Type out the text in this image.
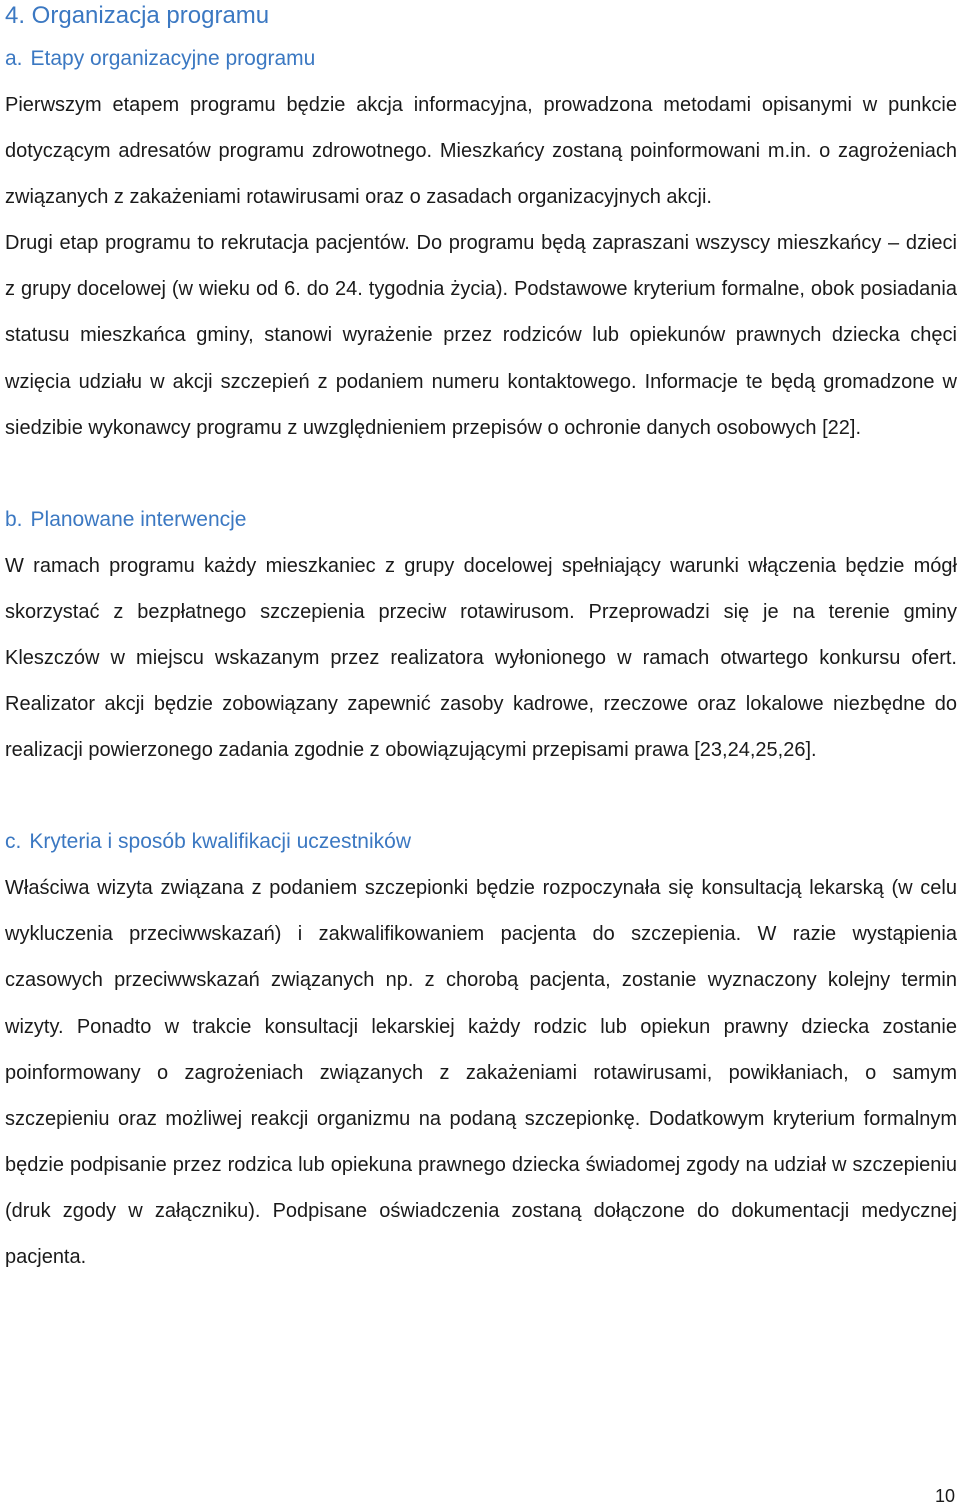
4. Organizacja programu
a. Etapy organizacyjne programu

Pierwszym etapem programu będzie akcja informacyjna, prowadzona metodami opisanymi w punkcie dotyczącym adresatów programu zdrowotnego. Mieszkańcy zostaną poinformowani m.in. o zagrożeniach związanych z zakażeniami rotawirusami oraz o zasadach organizacyjnych akcji.

Drugi etap programu to rekrutacja pacjentów. Do programu będą zapraszani wszyscy mieszkańcy – dzieci z grupy docelowej (w wieku od 6. do 24. tygodnia życia). Podstawowe kryterium formalne, obok posiadania statusu mieszkańca gminy, stanowi wyrażenie przez rodziców lub opiekunów prawnych dziecka chęci wzięcia udziału w akcji szczepień z podaniem numeru kontaktowego. Informacje te będą gromadzone w siedzibie wykonawcy programu z uwzględnieniem przepisów o ochronie danych osobowych [22].

b. Planowane interwencje

W ramach programu każdy mieszkaniec z grupy docelowej spełniający warunki włączenia będzie mógł skorzystać z bezpłatnego szczepienia przeciw rotawirusom. Przeprowadzi się je na terenie gminy Kleszczów w miejscu wskazanym przez realizatora wyłonionego w ramach otwartego konkursu ofert. Realizator akcji będzie zobowiązany zapewnić zasoby kadrowe, rzeczowe oraz lokalowe niezbędne do realizacji powierzonego zadania zgodnie z obowiązującymi przepisami prawa [23,24,25,26].

c. Kryteria i sposób kwalifikacji uczestników

Właściwa wizyta związana z podaniem szczepionki będzie rozpoczynała się konsultacją lekarską (w celu wykluczenia przeciwwskazań) i zakwalifikowaniem pacjenta do szczepienia. W razie wystąpienia czasowych przeciwwskazań związanych np. z chorobą pacjenta, zostanie wyznaczony kolejny termin wizyty. Ponadto w trakcie konsultacji lekarskiej każdy rodzic lub opiekun prawny dziecka zostanie poinformowany o zagrożeniach związanych z zakażeniami rotawirusami, powikłaniach, o samym szczepieniu oraz możliwej reakcji organizmu na podaną szczepionkę. Dodatkowym kryterium formalnym będzie podpisanie przez rodzica lub opiekuna prawnego dziecka świadomej zgody na udział w szczepieniu (druk zgody w załączniku). Podpisane oświadczenia zostaną dołączone do dokumentacji medycznej pacjenta.

10
